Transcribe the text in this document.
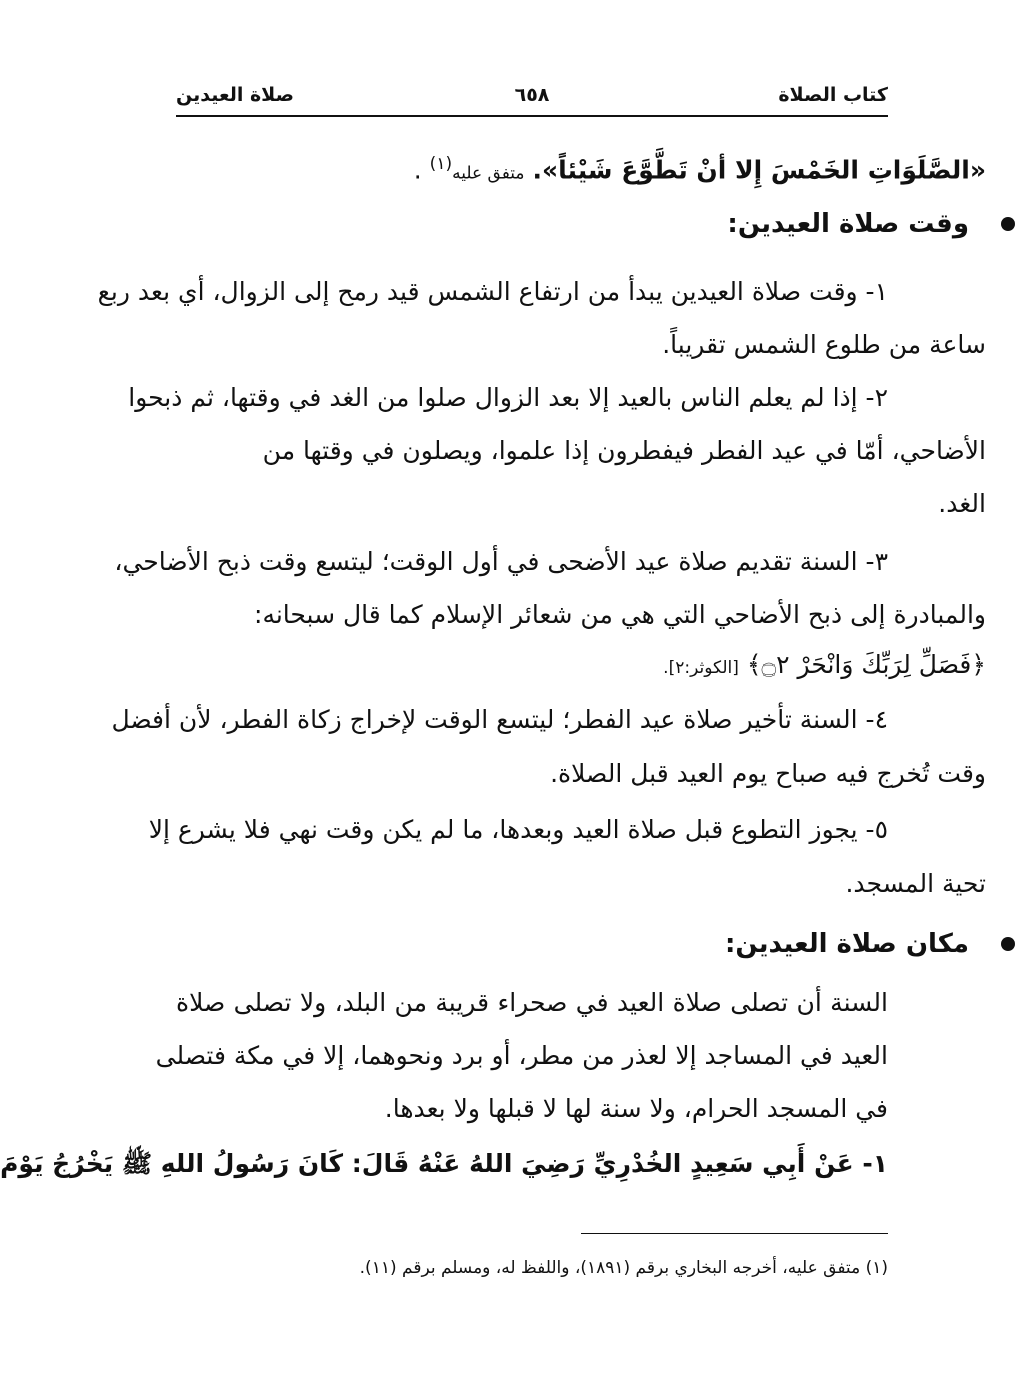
كتاب الصلاة
٦٥٨
صلاة العيدين
«الصَّلَوَاتِ الخَمْسَ إِلا أنْ تَطَّوَّعَ شَيْئاً». متفق عليه$^{(١)}$ .
وقت صلاة العيدين:
١- وقت صلاة العيدين يبدأ من ارتفاع الشمس قيد رمح إلى الزوال، أي بعد ربع
ساعة من طلوع الشمس تقريباً.
٢- إذا لم يعلم الناس بالعيد إلا بعد الزوال صلوا من الغد في وقتها، ثم ذبحوا
الأضاحي، أمّا في عيد الفطر فيفطرون إذا علموا، ويصلون في وقتها من
الغد.
٣- السنة تقديم صلاة عيد الأضحى في أول الوقت؛ ليتسع وقت ذبح الأضاحي،
والمبادرة إلى ذبح الأضاحي التي هي من شعائر الإسلام كما قال سبحانه:
﴿فَصَلِّ لِرَبِّكَ وَانْحَرْ ۝٢﴾ [الكوثر:٢].
٤- السنة تأخير صلاة عيد الفطر؛ ليتسع الوقت لإخراج زكاة الفطر، لأن أفضل
وقت تُخرج فيه صباح يوم العيد قبل الصلاة.
٥- يجوز التطوع قبل صلاة العيد وبعدها، ما لم يكن وقت نهي فلا يشرع إلا
تحية المسجد.
مكان صلاة العيدين:
السنة أن تصلى صلاة العيد في صحراء قريبة من البلد، ولا تصلى صلاة
العيد في المساجد إلا لعذر من مطر، أو برد ونحوهما، إلا في مكة فتصلى
في المسجد الحرام، ولا سنة لها لا قبلها ولا بعدها.
١- عَنْ أَبِي سَعِيدٍ الخُدْرِيِّ رَضِيَ اللهُ عَنْهُ قَالَ: كَانَ رَسُولُ اللهِ ﷺ يَخْرُجُ يَوْمَ
(١) متفق عليه، أخرجه البخاري برقم (١٨٩١)، واللفظ له، ومسلم برقم (١١).
